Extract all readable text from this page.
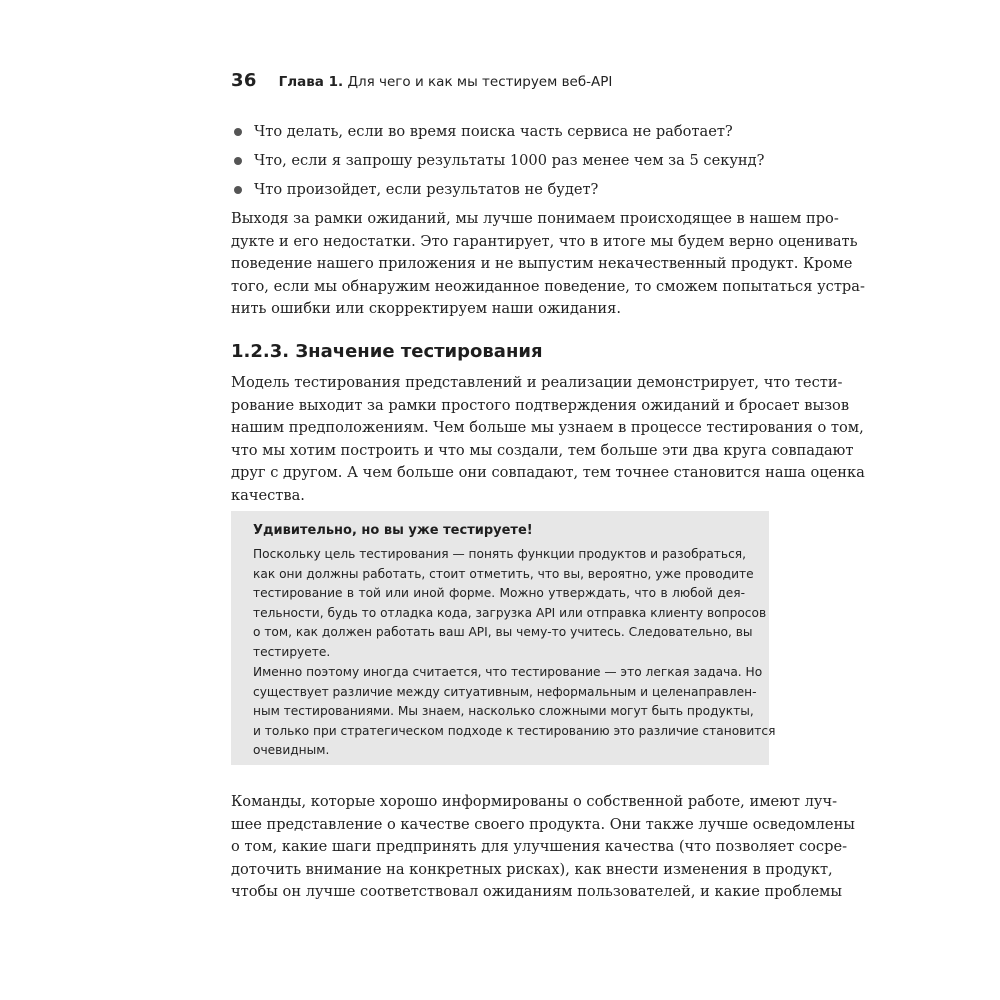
36 Глава 1. Для чего и как мы тестируем веб-API
Что делать, если во время поиска часть сервиса не работает?
Что, если я запрошу результаты 1000 раз менее чем за 5 секунд?
Что произойдет, если результатов не будет?

Выходя за рамки ожиданий, мы лучше понимаем происходящее в нашем про-
дукте и его недостатки. Это гарантирует, что в итоге мы будем верно оценивать
поведение нашего приложения и не выпустим некачественный продукт. Кроме
того, если мы обнаружим неожиданное поведение, то сможем попытаться устра-
нить ошибки или скорректируем наши ожидания.

1.2.3. Значение тестирования

Модель тестирования представлений и реализации демонстрирует, что тести-
рование выходит за рамки простого подтверждения ожиданий и бросает вызов
нашим предположениям. Чем больше мы узнаем в процессе тестирования о том,
что мы хотим построить и что мы создали, тем больше эти два круга совпадают
друг с другом. А чем больше они совпадают, тем точнее становится наша оценка
качества.

Удивительно, но вы уже тестируете!

Поскольку цель тестирования — понять функции продуктов и разобраться,
как они должны работать, стоит отметить, что вы, вероятно, уже проводите
тестирование в той или иной форме. Можно утверждать, что в любой дея-
тельности, будь то отладка кода, загрузка API или отправка клиенту вопросов
о том, как должен работать ваш API, вы чему-то учитесь. Следовательно, вы
тестируете.

Именно поэтому иногда считается, что тестирование — это легкая задача. Но
существует различие между ситуативным, неформальным и целенаправлен-
ным тестированиями. Мы знаем, насколько сложными могут быть продукты,
и только при стратегическом подходе к тестированию это различие становится
очевидным.

Команды, которые хорошо информированы о собственной работе, имеют луч-
шее представление о качестве своего продукта. Они также лучше осведомлены
о том, какие шаги предпринять для улучшения качества (что позволяет сосре-
доточить внимание на конкретных рисках), как внести изменения в продукт,
чтобы он лучше соответствовал ожиданиям пользователей, и какие проблемы
